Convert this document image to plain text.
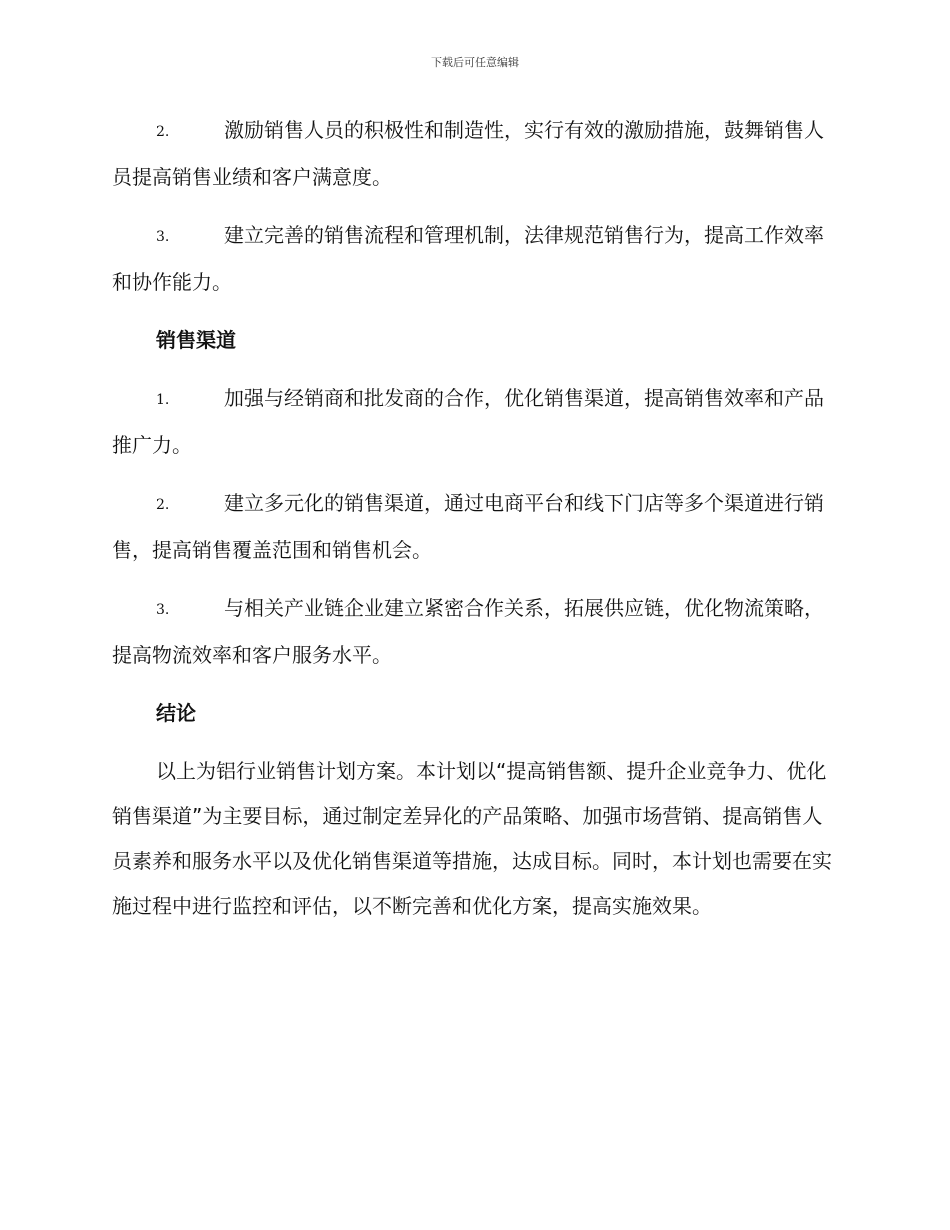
下载后可任意编辑

2.	激励销售人员的积极性和制造性，实行有效的激励措施，鼓舞销售人员提高销售业绩和客户满意度。

3.	建立完善的销售流程和管理机制，法律规范销售行为，提高工作效率和协作能力。

销售渠道

1.	加强与经销商和批发商的合作，优化销售渠道，提高销售效率和产品推广力。

2.	建立多元化的销售渠道，通过电商平台和线下门店等多个渠道进行销售，提高销售覆盖范围和销售机会。

3.	与相关产业链企业建立紧密合作关系，拓展供应链，优化物流策略，提高物流效率和客户服务水平。

结论

以上为铝行业销售计划方案。本计划以“提高销售额、提升企业竞争力、优化销售渠道”为主要目标，通过制定差异化的产品策略、加强市场营销、提高销售人员素养和服务水平以及优化销售渠道等措施，达成目标。同时，本计划也需要在实施过程中进行监控和评估，以不断完善和优化方案，提高实施效果。
